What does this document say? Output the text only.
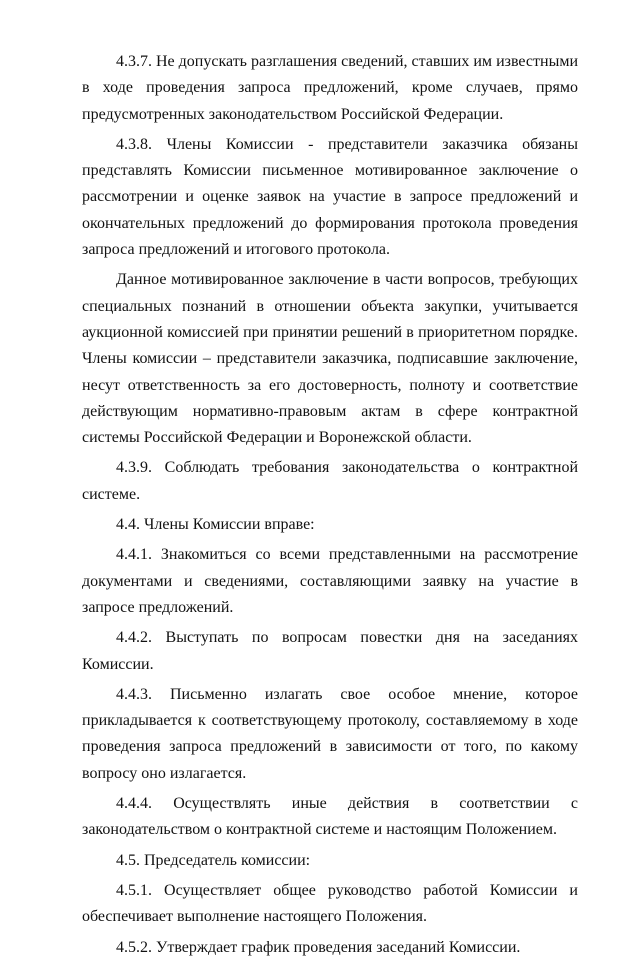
4.3.7. Не допускать разглашения сведений, ставших им известными в ходе проведения запроса предложений, кроме случаев, прямо предусмотренных законодательством Российской Федерации.

4.3.8. Члены Комиссии - представители заказчика обязаны представлять Комиссии письменное мотивированное заключение о рассмотрении и оценке заявок на участие в запросе предложений и окончательных предложений до формирования протокола проведения запроса предложений и итогового протокола.

Данное мотивированное заключение в части вопросов, требующих специальных познаний в отношении объекта закупки, учитывается аукционной комиссией при принятии решений в приоритетном порядке. Члены комиссии – представители заказчика, подписавшие заключение, несут ответственность за его достоверность, полноту и соответствие действующим нормативно-правовым актам в сфере контрактной системы Российской Федерации и Воронежской области.

4.3.9. Соблюдать требования законодательства о контрактной системе.

4.4. Члены Комиссии вправе:

4.4.1. Знакомиться со всеми представленными на рассмотрение документами и сведениями, составляющими заявку на участие в запросе предложений.

4.4.2. Выступать по вопросам повестки дня на заседаниях Комиссии.

4.4.3. Письменно излагать свое особое мнение, которое прикладывается к соответствующему протоколу, составляемому в ходе проведения запроса предложений в зависимости от того, по какому вопросу оно излагается.

4.4.4. Осуществлять иные действия в соответствии с законодательством о контрактной системе и настоящим Положением.

4.5. Председатель комиссии:

4.5.1. Осуществляет общее руководство работой Комиссии и обеспечивает выполнение настоящего Положения.

4.5.2. Утверждает график проведения заседаний Комиссии.
